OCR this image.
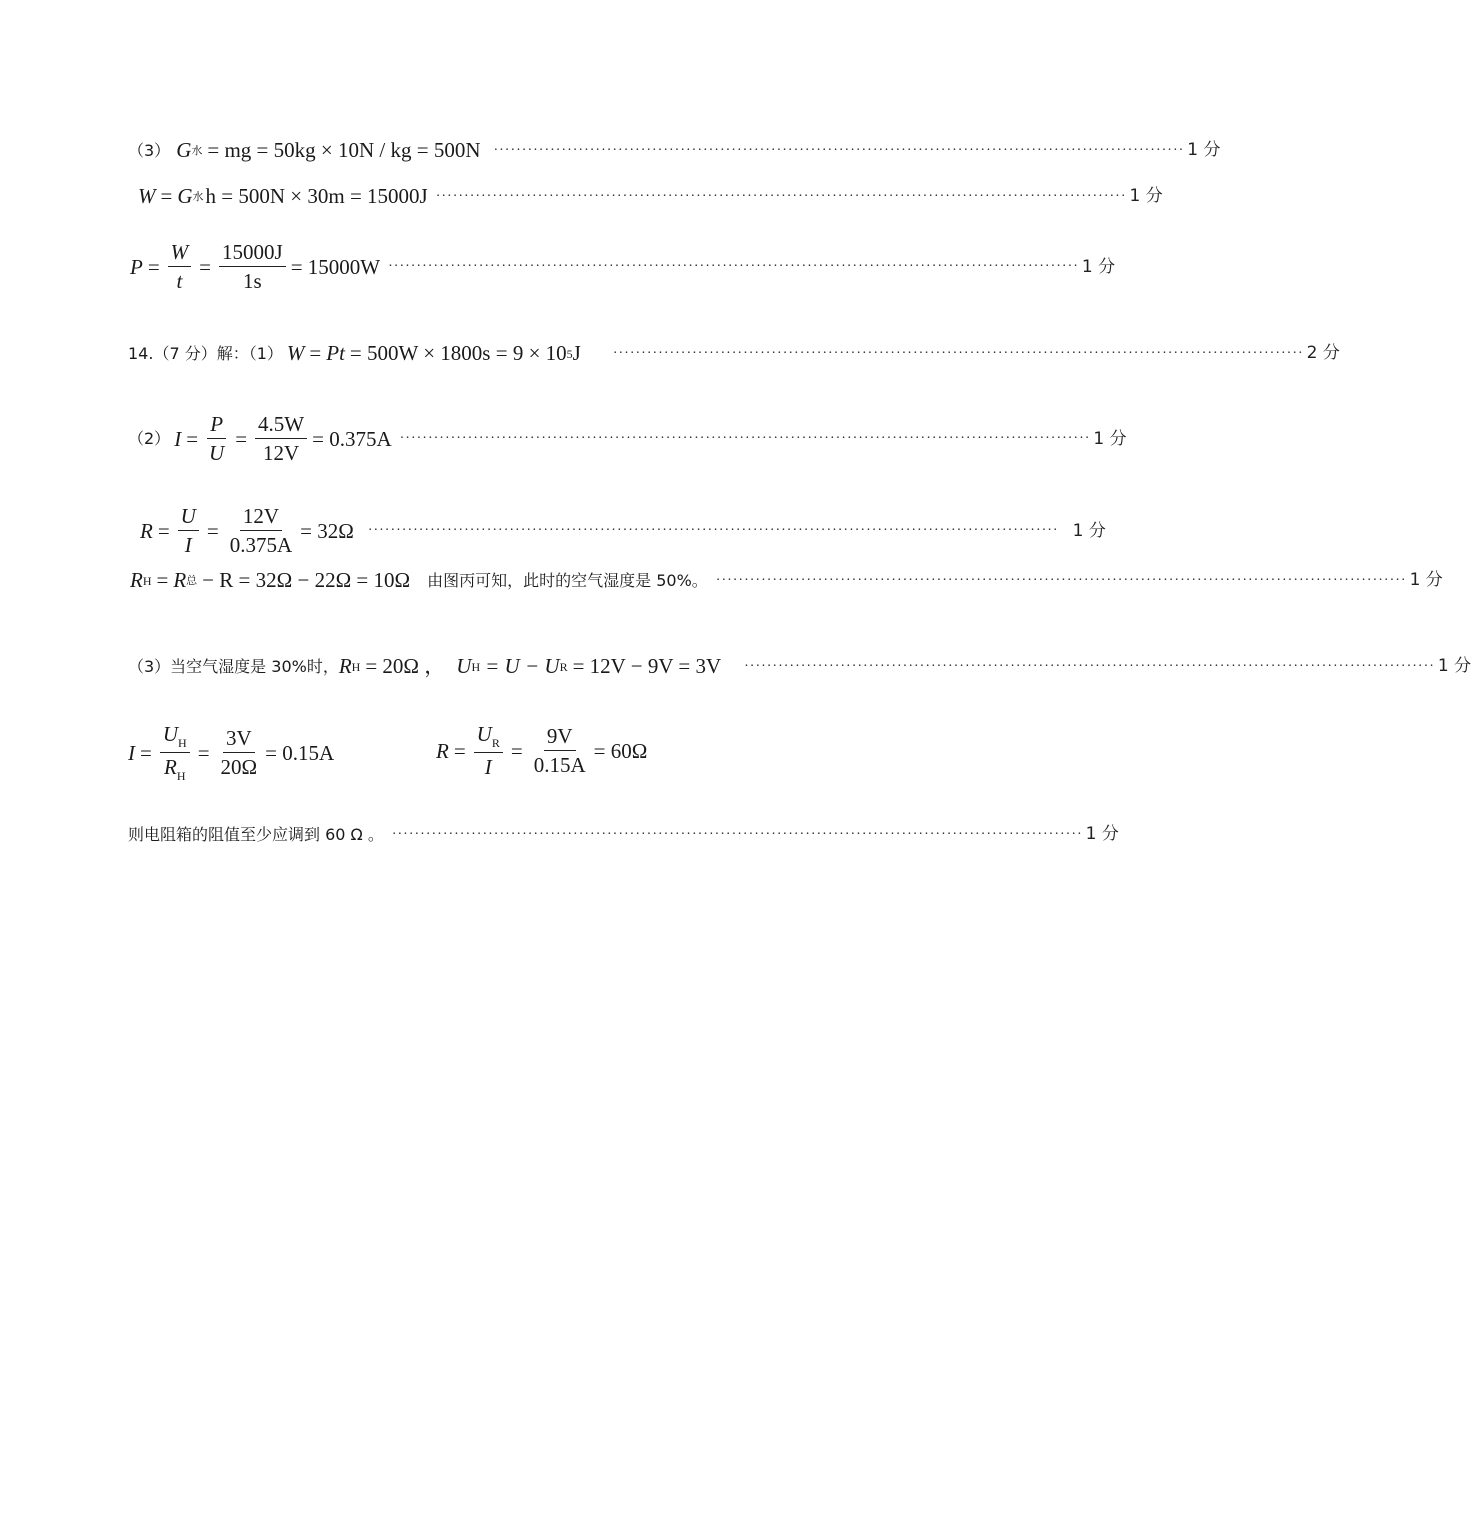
（3） G 水 = mg = 50kg × 10N / kg = 500N ·························································································································· 1 分
W = G 水 h = 500N × 30m = 15000J ·························································································································· 1 分
$P = \frac{W}{t} = \frac{15000J}{1s} = 15000W$ ·························································································································· 1 分
14.（7 分）解：（1） W = Pt = 500W × 1800s = 9 × 10 5 J ·························································································································· 2 分
（2） $I = \frac{P}{U} = \frac{4.5W}{12V} = 0.375A$ ·························································································································· 1 分
$R = \frac{U}{I} = \frac{12V}{0.375A} = 32\Omega$ ·························································································································· 1 分
R H = R 总 − R = 32Ω − 22Ω = 10Ω 由图丙可知，此时的空气湿度是 50%。 ·························································································································· 1 分
（3）当空气湿度是 30%时， R H = 20Ω ， U H = U − U R = 12V − 9V = 3V ·························································································································· 1 分
$I = \frac{U_H}{R_H} = \frac{3V}{20\Omega} = 0.15A$	$R = \frac{U_R}{I} = \frac{9V}{0.15A} = 60\Omega$
则电阻箱的阻值至少应调到 60 Ω 。 ·························································································································· 1 分
